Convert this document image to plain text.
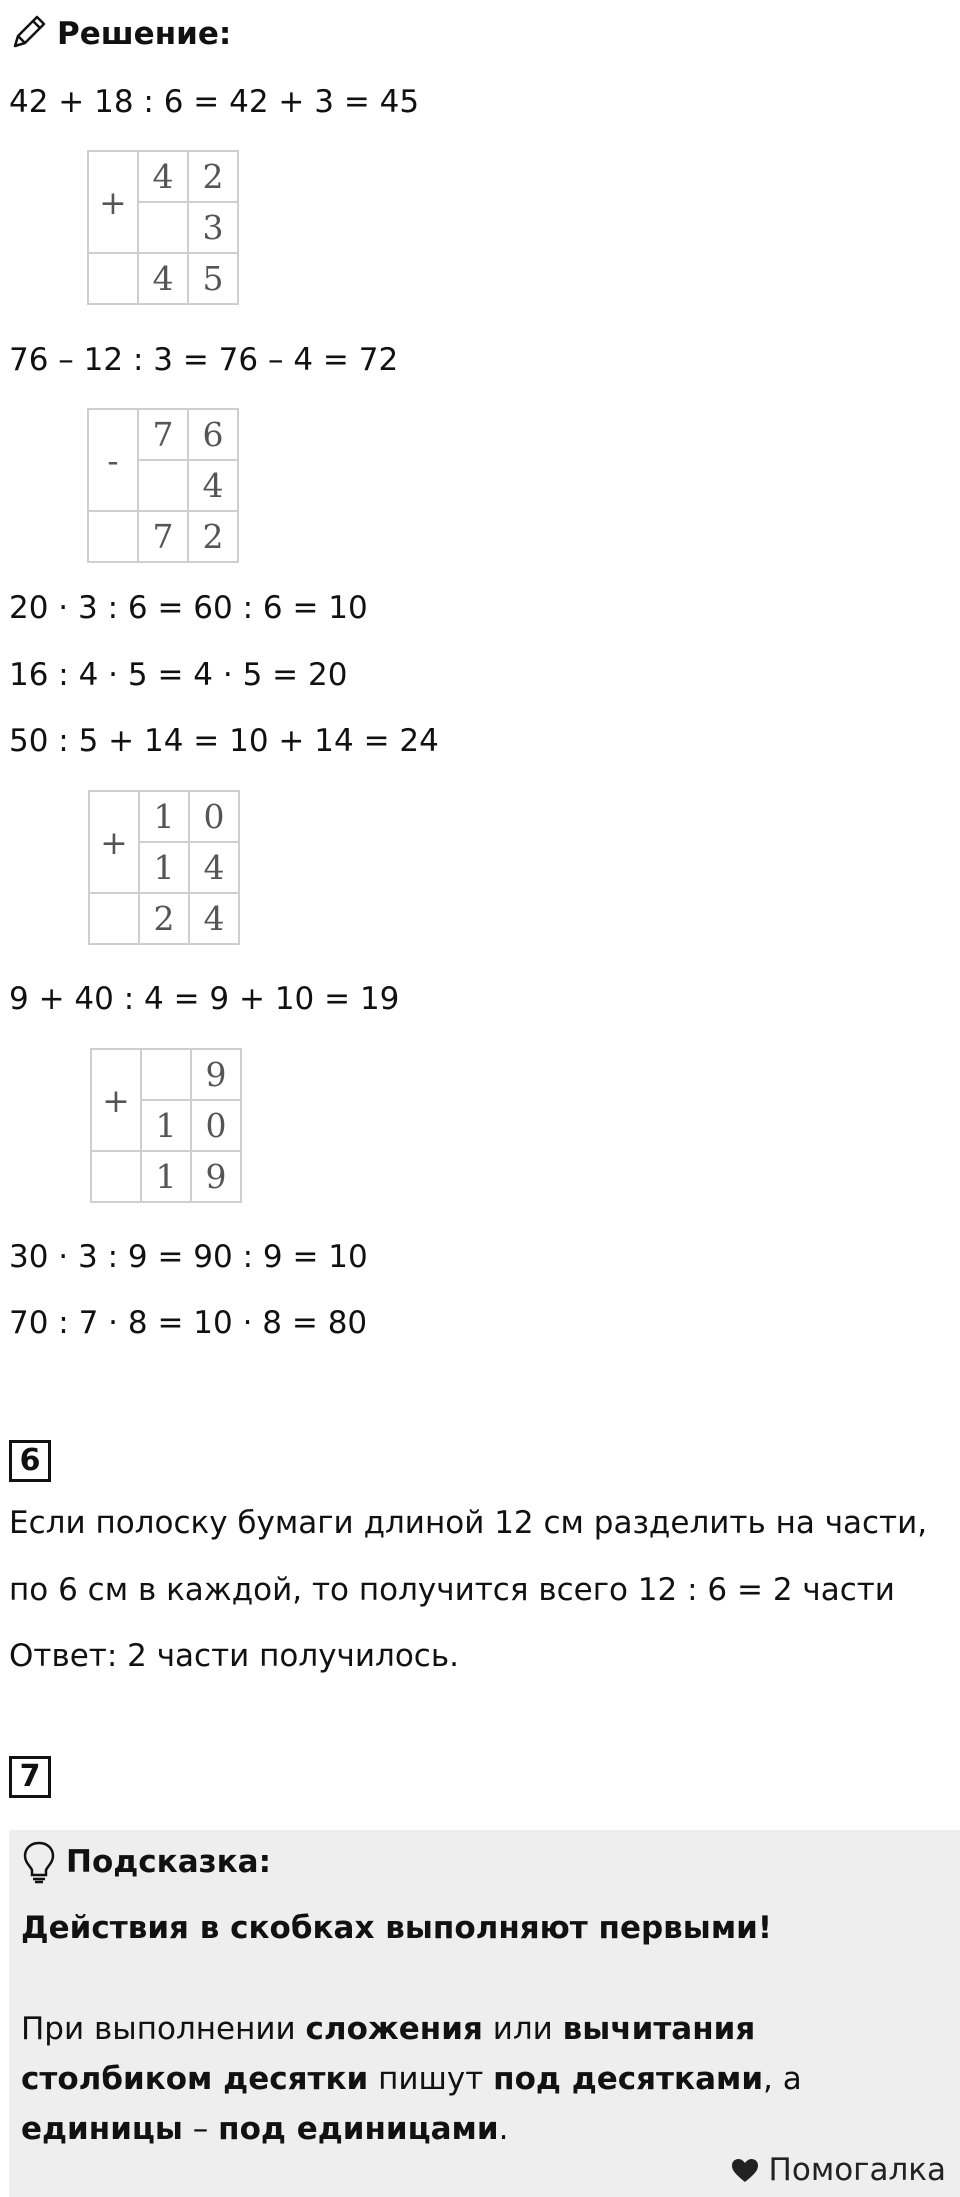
Решение:
42 + 18 : 6 = 42 + 3 = 45
+	4	2
		3
	4	5
76 – 12 : 3 = 76 – 4 = 72
-	7	6
		4
	7	2
20 · 3 : 6 = 60 : 6 = 10
16 : 4 · 5 = 4 · 5 = 20
50 : 5 + 14 = 10 + 14 = 24
+	1	0
	1	4
	2	4
9 + 40 : 4 = 9 + 10 = 19
+		9
	1	0
	1	9
30 · 3 : 9 = 90 : 9 = 10
70 : 7 · 8 = 10 · 8 = 80
6
Если полоску бумаги длиной 12 см разделить на части,
по 6 см в каждой, то получится всего 12 : 6 = 2 части
Ответ: 2 части получилось.
7
Подсказка:
Действия в скобках выполняют первыми!
При выполнении сложения или вычитания столбиком десятки пишут под десятками, а единицы – под единицами.
Помогалка
